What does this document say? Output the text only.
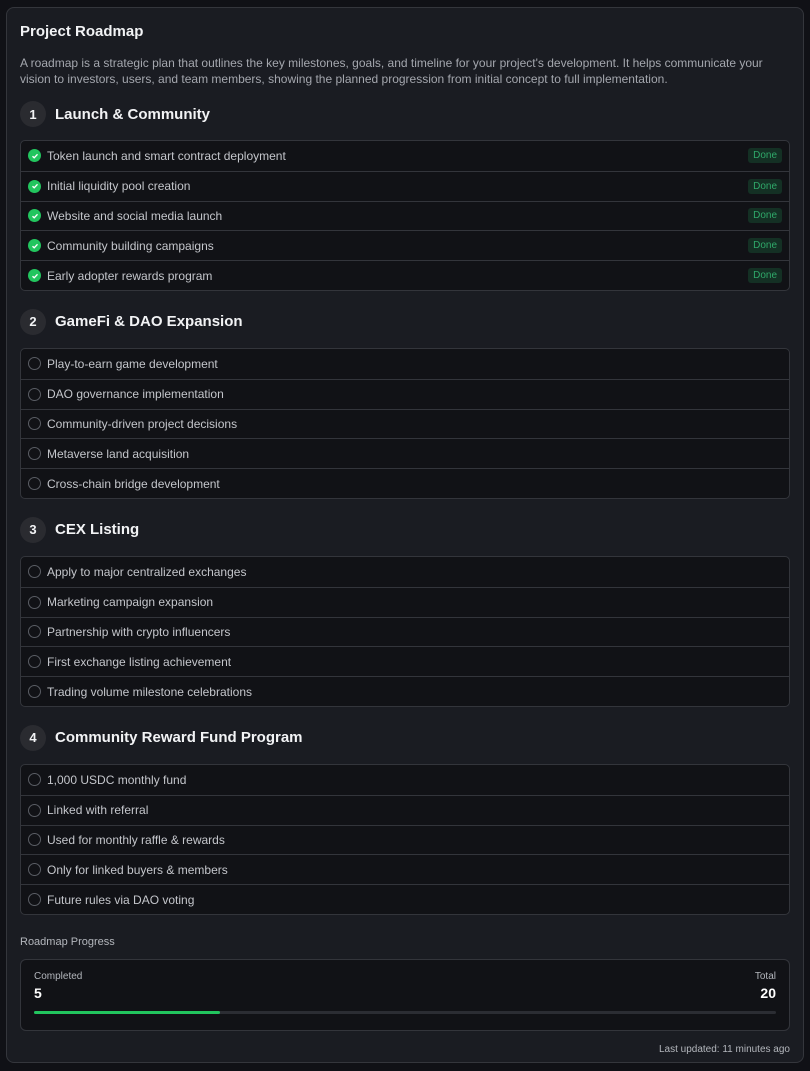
Project Roadmap

A roadmap is a strategic plan that outlines the key milestones, goals, and timeline for your project's development. It helps communicate your vision to investors, users, and team members, showing the planned progression from initial concept to full implementation.

1	Launch & Community
Token launch and smart contract deployment	Done
Initial liquidity pool creation	Done
Website and social media launch	Done
Community building campaigns	Done
Early adopter rewards program	Done
2	GameFi & DAO Expansion
Play-to-earn game development
DAO governance implementation
Community-driven project decisions
Metaverse land acquisition
Cross-chain bridge development
3	CEX Listing
Apply to major centralized exchanges
Marketing campaign expansion
Partnership with crypto influencers
First exchange listing achievement
Trading volume milestone celebrations
4	Community Reward Fund Program
1,000 USDC monthly fund
Linked with referral
Used for monthly raffle & rewards
Only for linked buyers & members
Future rules via DAO voting
Roadmap Progress
Completed	Total
5	20
Last updated: 11 minutes ago
